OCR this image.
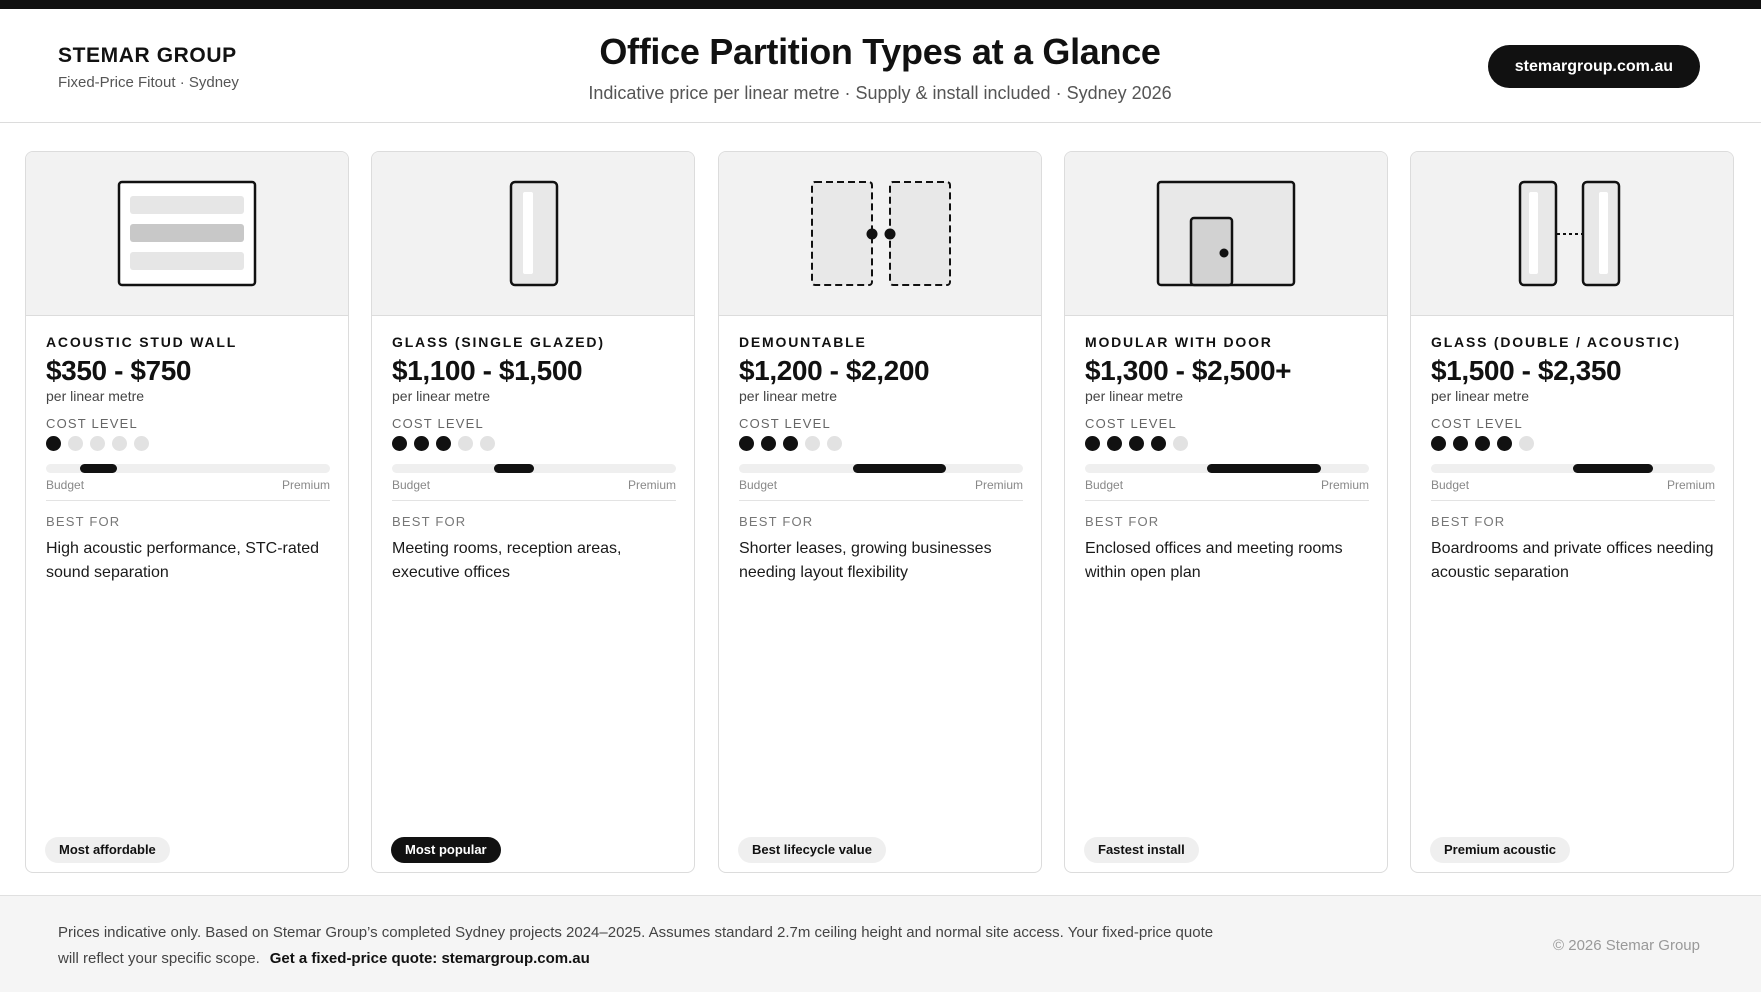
STEMAR GROUP
Fixed-Price Fitout · Sydney
Office Partition Types at a Glance
Indicative price per linear metre · Supply & install included · Sydney 2026
stemargroup.com.au
ACOUSTIC STUD WALL
$350 - $750
per linear metre
COST LEVEL
Budget	Premium
BEST FOR
High acoustic performance, STC-rated sound separation
Most affordable
GLASS (SINGLE GLAZED)
$1,100 - $1,500
per linear metre
COST LEVEL
Budget	Premium
BEST FOR
Meeting rooms, reception areas, executive offices
Most popular
DEMOUNTABLE
$1,200 - $2,200
per linear metre
COST LEVEL
Budget	Premium
BEST FOR
Shorter leases, growing businesses needing layout flexibility
Best lifecycle value
MODULAR WITH DOOR
$1,300 - $2,500+
per linear metre
COST LEVEL
Budget	Premium
BEST FOR
Enclosed offices and meeting rooms within open plan
Fastest install
GLASS (DOUBLE / ACOUSTIC)
$1,500 - $2,350
per linear metre
COST LEVEL
Budget	Premium
BEST FOR
Boardrooms and private offices needing acoustic separation
Premium acoustic
Prices indicative only. Based on Stemar Group’s completed Sydney projects 2024–2025. Assumes standard 2.7m ceiling height and normal site access. Your fixed-price quote will reflect your specific scope. Get a fixed-price quote: stemargroup.com.au
© 2026 Stemar Group
